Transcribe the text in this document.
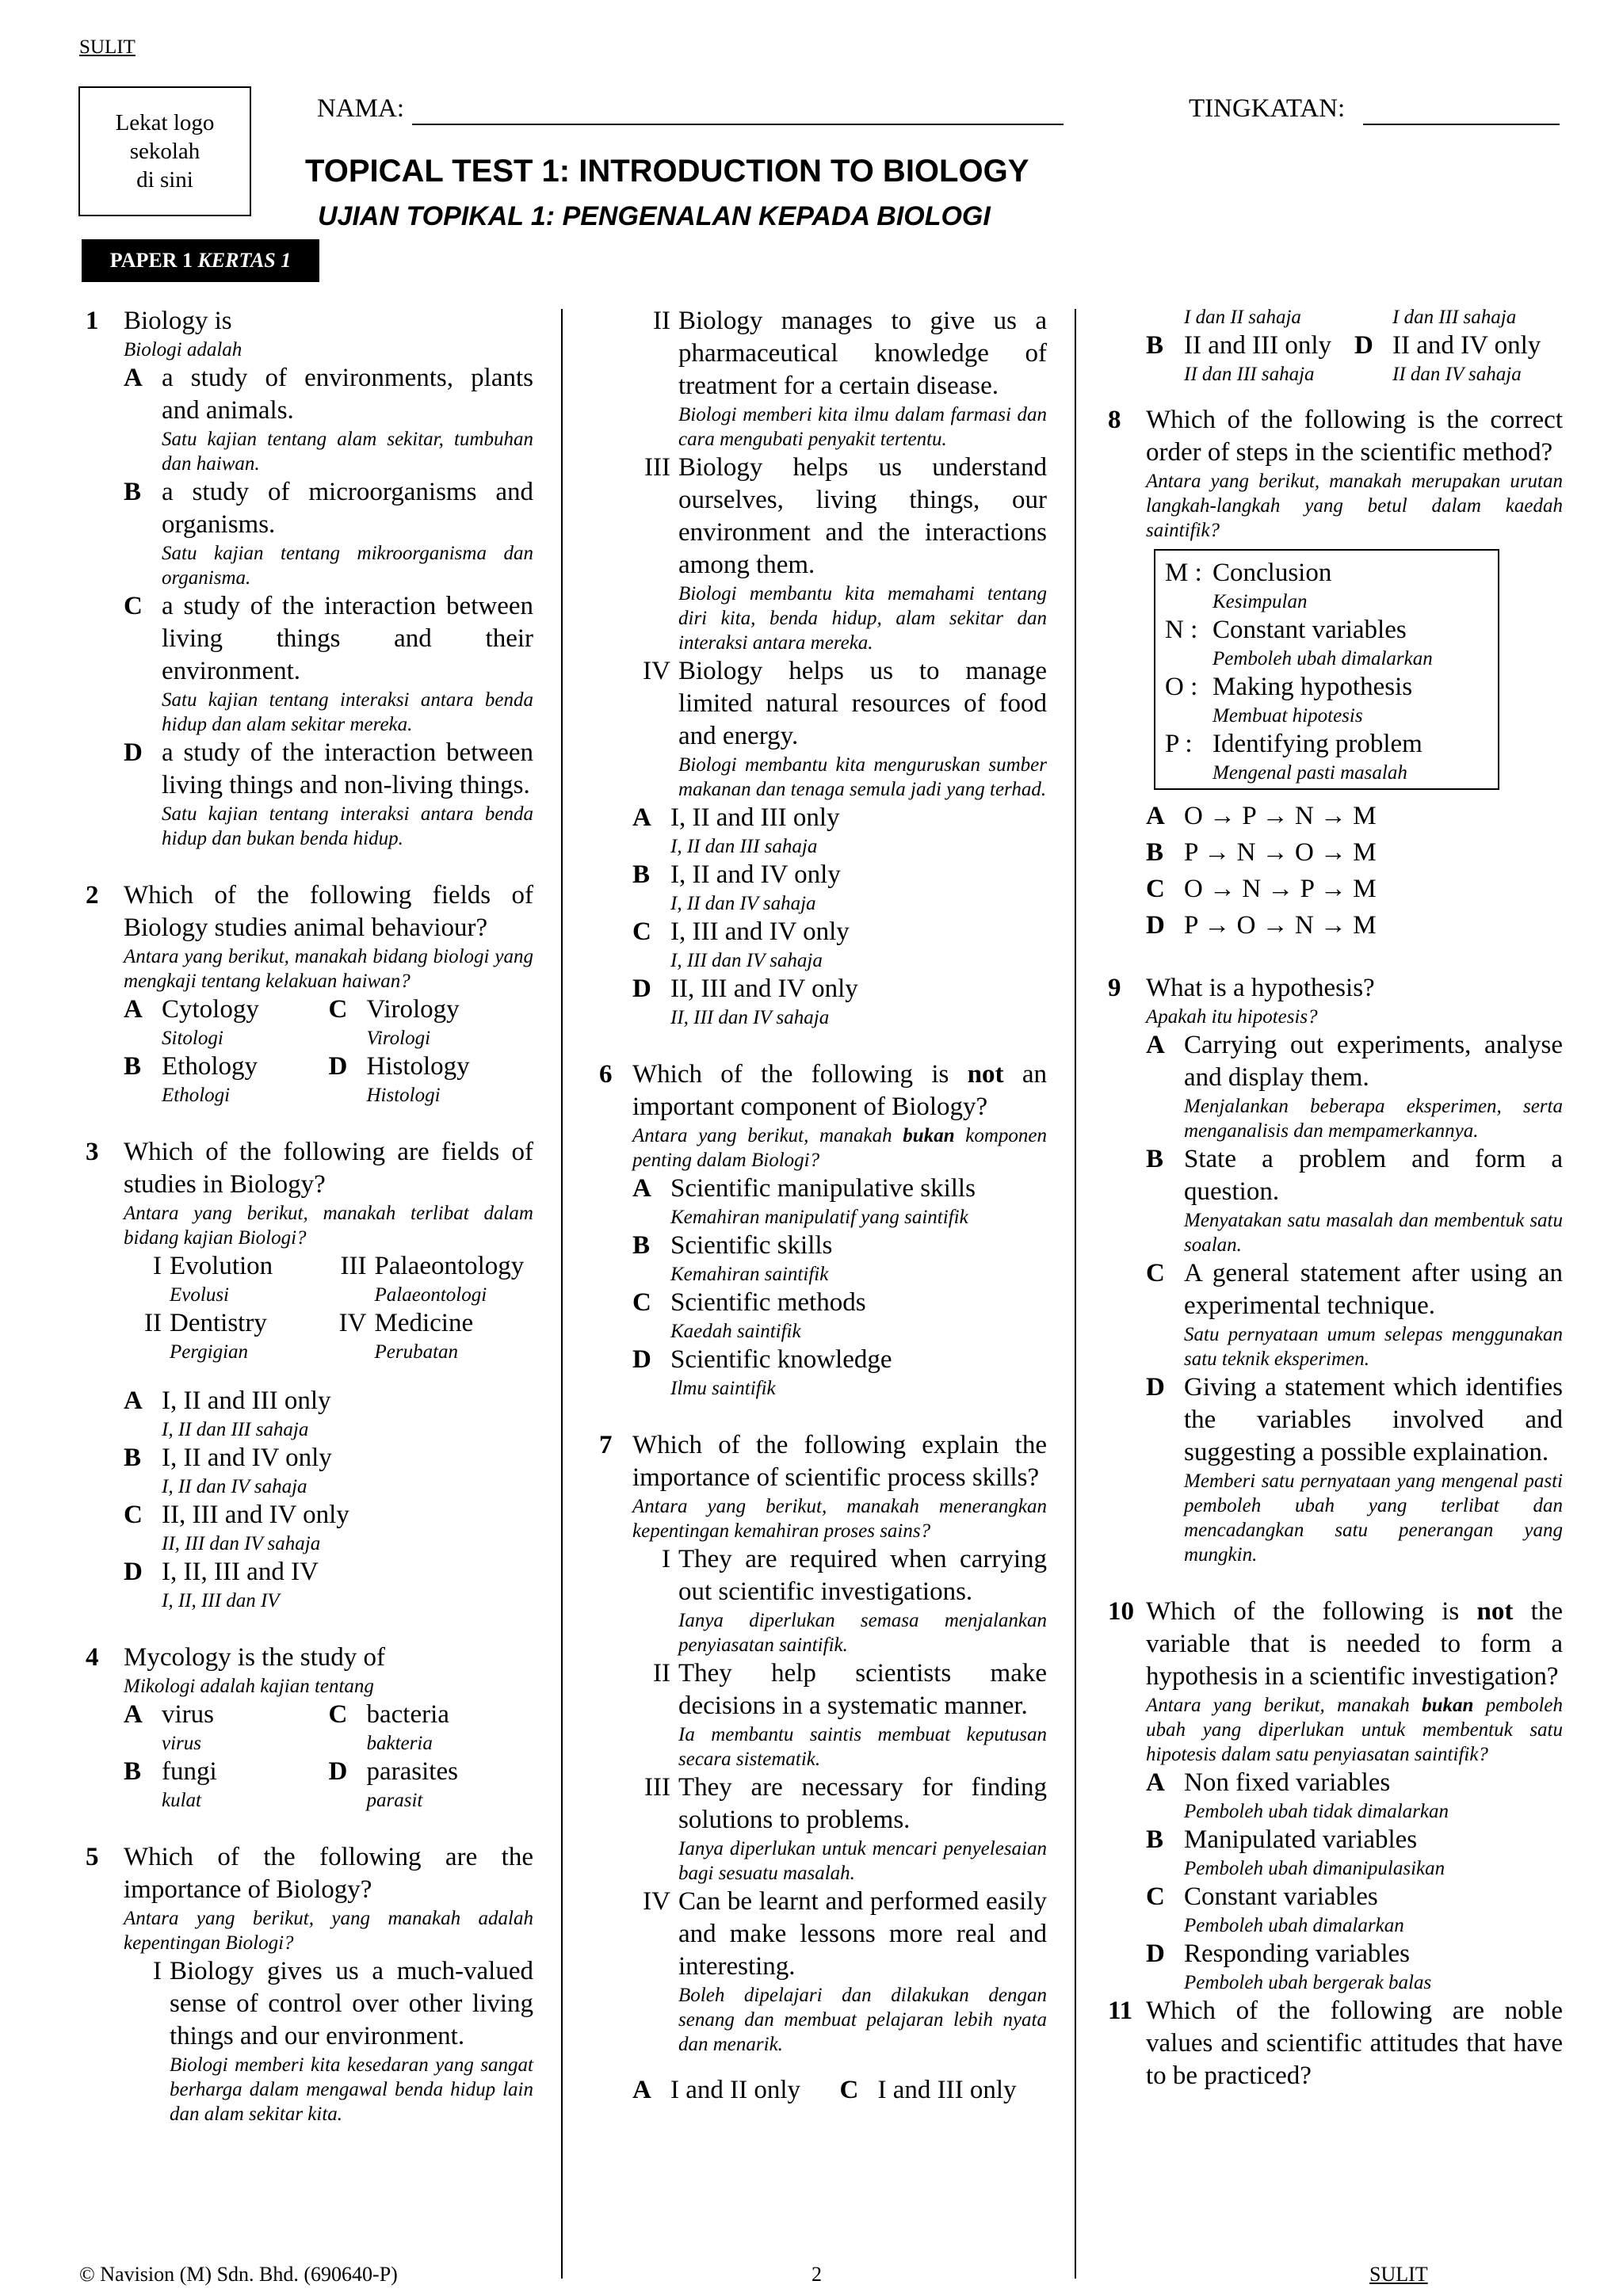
SULIT
Lekat logo
sekolah
di sini
NAMA:	TINGKATAN:
TOPICAL TEST 1: INTRODUCTION TO BIOLOGY
UJIAN TOPIKAL 1: PENGENALAN KEPADA BIOLOGI
PAPER 1
KERTAS 1
1 Biology is
Biologi adalah
A a study of environments, plants and animals.
Satu kajian tentang alam sekitar, tumbuhan dan haiwan.
B a study of microorganisms and organisms.
Satu kajian tentang mikroorganisma dan organisma.
C a study of the interaction between living things and their environment.
Satu kajian tentang interaksi antara benda hidup dan alam sekitar mereka.
D a study of the interaction between living things and non-living things.
Satu kajian tentang interaksi antara benda hidup dan bukan benda hidup.
2 Which of the following fields of Biology studies animal behaviour?
Antara yang berikut, manakah bidang biologi yang mengkaji tentang kelakuan haiwan?
A Cytology
Sitologi
C Virology
Virologi
B Ethology
Ethologi
D Histology
Histologi
3 Which of the following are fields of studies in Biology?
Antara yang berikut, manakah terlibat dalam bidang kajian Biologi?
I Evolution
Evolusi
III Palaeontology
Palaeontologi
II Dentistry
Pergigian
IV Medicine
Perubatan
A I, II and III only
I, II dan III sahaja
B I, II and IV only
I, II dan IV sahaja
C II, III and IV only
II, III dan IV sahaja
D I, II, III and IV
I, II, III dan IV
4 Mycology is the study of
Mikologi adalah kajian tentang
A virus
virus
C bacteria
bakteria
B fungi
kulat
D parasites
parasit
5 Which of the following are the importance of Biology?
Antara yang berikut, yang manakah adalah kepentingan Biologi?
I Biology gives us a much-valued sense of control over other living things and our environment.
Biologi memberi kita kesedaran yang sangat berharga dalam mengawal benda hidup lain dan alam sekitar kita.
II Biology manages to give us a pharmaceutical knowledge of treatment for a certain disease.
Biologi memberi kita ilmu dalam farmasi dan cara mengubati penyakit tertentu.
III Biology helps us understand ourselves, living things, our environment and the interactions among them.
Biologi membantu kita memahami tentang diri kita, benda hidup, alam sekitar dan interaksi antara mereka.
IV Biology helps us to manage limited natural resources of food and energy.
Biologi membantu kita menguruskan sumber makanan dan tenaga semula jadi yang terhad.
A I, II and III only
I, II dan III sahaja
B I, II and IV only
I, II dan IV sahaja
C I, III and IV only
I, III dan IV sahaja
D II, III and IV only
II, III dan IV sahaja
6 Which of the following is not an important component of Biology?
Antara yang berikut, manakah bukan komponen penting dalam Biologi?
A Scientific manipulative skills
Kemahiran manipulatif yang saintifik
B Scientific skills
Kemahiran saintifik
C Scientific methods
Kaedah saintifik
D Scientific knowledge
Ilmu saintifik
7 Which of the following explain the importance of scientific process skills?
Antara yang berikut, manakah menerangkan kepentingan kemahiran proses sains?
I They are required when carrying out scientific investigations.
Ianya diperlukan semasa menjalankan penyiasatan saintifik.
II They help scientists make decisions in a systematic manner.
Ia membantu saintis membuat keputusan secara sistematik.
III They are necessary for finding solutions to problems.
Ianya diperlukan untuk mencari penyelesaian bagi sesuatu masalah.
IV Can be learnt and performed easily and make lessons more real and interesting.
Boleh dipelajari dan dilakukan dengan senang dan membuat pelajaran lebih nyata dan menarik.
A I and II only	C I and III only
I dan II sahaja	I dan III sahaja
B II and III only
II dan III sahaja
D II and IV only
II dan IV sahaja
8 Which of the following is the correct order of steps in the scientific method?
Antara yang berikut, manakah merupakan urutan langkah-langkah yang betul dalam kaedah saintifik?
M : Conclusion
Kesimpulan
N : Constant variables
Pemboleh ubah dimalarkan
O : Making hypothesis
Membuat hipotesis
P : Identifying problem
Mengenal pasti masalah
A O → P → N → M
B P → N → O → M
C O → N → P → M
D P → O → N → M
9 What is a hypothesis?
Apakah itu hipotesis?
A Carrying out experiments, analyse and display them.
Menjalankan beberapa eksperimen, serta menganalisis dan mempamerkannya.
B State a problem and form a question.
Menyatakan satu masalah dan membentuk satu soalan.
C A general statement after using an experimental technique.
Satu pernyataan umum selepas menggunakan satu teknik eksperimen.
D Giving a statement which identifies the variables involved and suggesting a possible explaination.
Memberi satu pernyataan yang mengenal pasti pemboleh ubah yang terlibat dan mencadangkan satu penerangan yang mungkin.
10 Which of the following is not the variable that is needed to form a hypothesis in a scientific investigation?
Antara yang berikut, manakah bukan pemboleh ubah yang diperlukan untuk membentuk satu hipotesis dalam satu penyiasatan saintifik?
A Non fixed variables
Pemboleh ubah tidak dimalarkan
B Manipulated variables
Pemboleh ubah dimanipulasikan
C Constant variables
Pemboleh ubah dimalarkan
D Responding variables
Pemboleh ubah bergerak balas
11 Which of the following are noble values and scientific attitudes that have to be practiced?
© Navision (M) Sdn. Bhd. (690640-P)	2	SULIT
